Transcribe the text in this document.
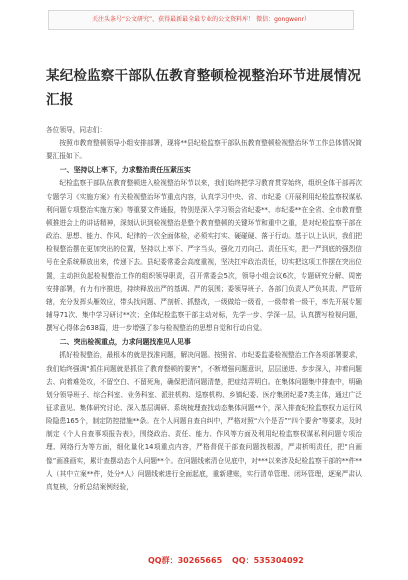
关注头条号“公文研究”，获得最新最全最专业的公文资料库！ 微信：gongwenr）
某纪检监察干部队伍教育整顿检视整治环节进展情况汇报

各位领导，同志们：

按照市教育整顿领导小组安排部署，现将**县纪检监察干部队伍教育整顿检视整治环节工作总体情况简要汇报如下。

一、坚持以上率下，力求整治责任压紧压实

纪检监察干部队伍教育整顿进入检视整治环节以来，我们始终把学习教育贯穿始终，组织全体干部再次专题学习《实施方案》有关检视整治环节重点内容，认真学习中央、省、市纪委《开展利用纪检监察权谋私利问题专项整治实施方案》等重要文件通报，特别是深入学习领会省纪委**、市纪委**在全省、全市教育整顿推进会上的讲话精神，深刻认识到检视整治是整个教育整顿的关键环节和重中之重，是对纪检监察干部在政治、思想、能力、作风、纪律的一次全面体检，必须实打实、硬碰硬、落于行动。基于以上认识，我们把检视整治摆在更加突出的位置，坚持以上率下、严字当头，强化刀刃向己、责任压实，把一严到底的强烈信号在全系统释放出来，传递下去。县纪委常委会高度重视，坚决扛牢政治责任，切实把这项工作摆在突出位置，主动担负起检视整治工作的组织领导职责，召开常委会5次，领导小组会议6次，专题研究分解、周密安排部署，有力有序推进，持续释放出严的基调、严的氛围；委领导班子、各部门负责人严负其责、严管所辖，充分发挥头雁效应，带头找问题、严剖析、抓整改，一级做给一级看，一级带着一级干，率先开展专题辅导71次、集中学习研讨**次；全体纪检监察干部主动对标，先学一步、学深一层，认真撰写检视问题，撰写心得体会638篇，进一步增强了参与检视整治的思想自觉和行动自觉。

二、突出检视重点，力求问题找准见人见事

抓好检视整治，最根本的就是找准问题，解决问题。按照省、市纪委监委检视整治工作各项部署要求，我们始终强调“抓住问题就是抓住了教育整顿的要害”，不断增强问题意识，层层递进、步步深入，冲着问题去、向着难处攻，不留空白、不留死角，确保把清问题清楚，把症结弄明白。在集体问题集中排查中，明确划分领导班子、综合科室、业务科室、派驻机构、巡察机构、乡镇纪委、医疗集团纪委7类主体，通过广泛征求意见、集体研究讨论、深入基层调研、系统梳理查找动态集体问题**个，深入排查纪检监察权力运行风险隐患165个，制定防控措施**条。在个人问题自查自纠中，严格对照“六个是否”“四个要舍”等要求，及时制定《个人自查事项报告表》，围绕政治、责任、能力、作风等方面及利用纪检监察权谋私利问题专项治理、网络行为等方面，细化量化14项重点内容，严格督促干部查问题找根源，严肃析明责任，把“自画像”画准画实，累计查摆动态个人问题**个。在问题线索清仓见底中，对***以来涉及纪检监察干部的**件**人（其中立案**件，处分*人）问题线索进行全面起底，重新建账，实行清单管理、闭环管理，逐案严肃认真复核，分析总结案例经验，

QQ群：30265665 QQ：535304092
